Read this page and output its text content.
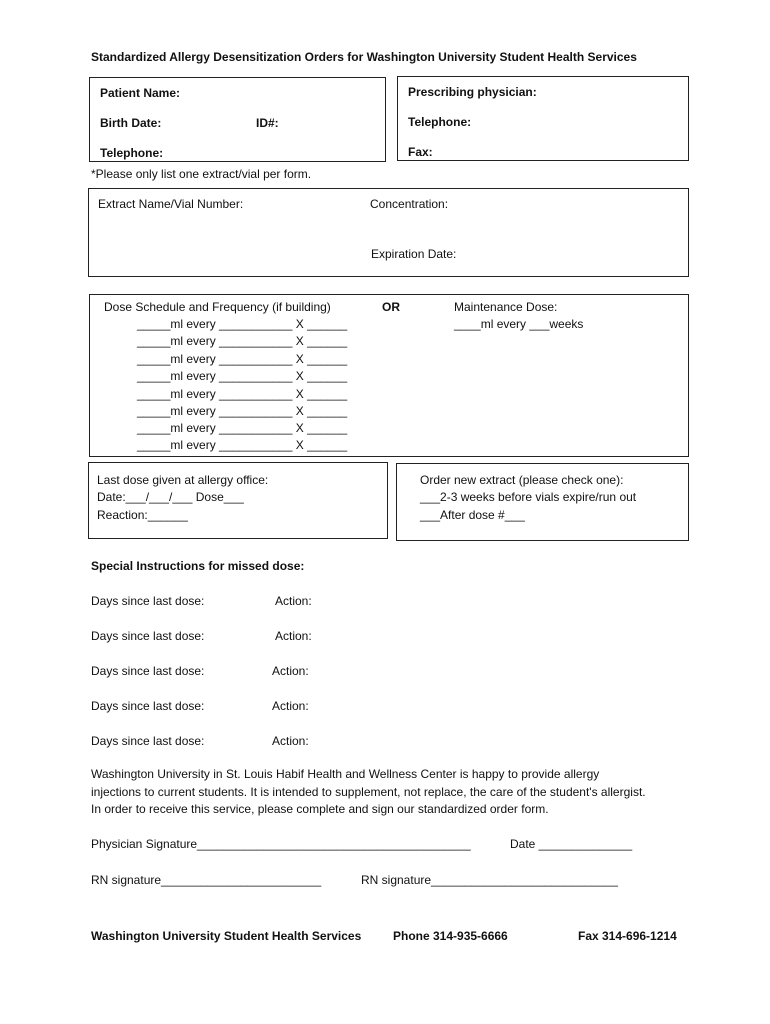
Standardized Allergy Desensitization Orders for Washington University Student Health Services
Patient Name:
Birth Date:	ID#:
Telephone:
Prescribing physician:
Telephone:
Fax:
*Please only list one extract/vial per form.
Extract Name/Vial Number:	Concentration:
Expiration Date:
Dose Schedule and Frequency (if building)	OR	Maintenance Dose:
____ml every ___weeks
_____ml every ___________ X ______
_____ml every ___________ X ______
_____ml every ___________ X ______
_____ml every ___________ X ______
_____ml every ___________ X ______
_____ml every ___________ X ______
_____ml every ___________ X ______
_____ml every ___________ X ______
Last dose given at allergy office:
Date:___/___/___ Dose___
Reaction:______
Order new extract (please check one):
___2-3 weeks before vials expire/run out
___After dose #___
Special Instructions for missed dose:
Days since last dose:	Action:
Days since last dose:	Action:
Days since last dose:	Action:
Days since last dose:	Action:
Days since last dose:	Action:
Washington University in St. Louis Habif Health and Wellness Center is happy to provide allergy injections to current students. It is intended to supplement, not replace, the care of the student's allergist. In order to receive this service, please complete and sign our standardized order form.
Physician Signature_________________________________________	Date ______________
RN signature________________________	RN signature____________________________
Washington University Student Health Services	Phone 314-935-6666	Fax 314-696-1214
